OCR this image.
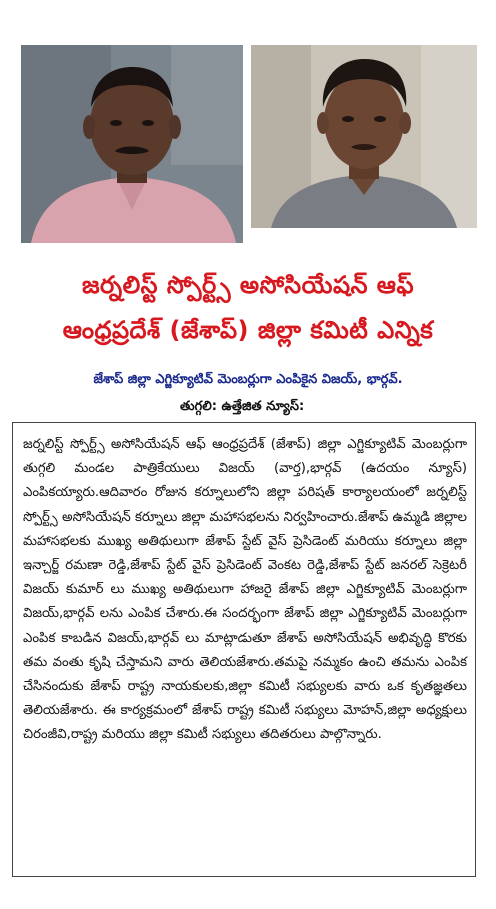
జర్నలిస్ట్ స్పోర్ట్స్ అసోసియేషన్ ఆఫ్
ఆంధ్రప్రదేశ్ (జేశాప్) జిల్లా కమిటీ ఎన్నిక
జేశాప్ జిల్లా ఎగ్జిక్యూటివ్ మెంబర్లుగా ఎంపికైన విజయ్, భార్గవ్.
తుగ్గలి: ఉత్తేజిత న్యూస్:

జర్నలిస్ట్ స్పోర్ట్స్ అసోసియేషన్ ఆఫ్ ఆంధ్రప్రదేశ్ (జేశాప్) జిల్లా ఎగ్జిక్యూటివ్ మెంబర్లుగా తుగ్గలి మండల పాత్రికేయులు విజయ్ (వార్త),భార్గవ్ (ఉదయం న్యూస్) ఎంపికయ్యారు.ఆదివారం రోజున కర్నూలులోని జిల్లా పరిషత్ కార్యాలయంలో జర్నలిస్ట్ స్పోర్ట్స్ అసోసియేషన్ కర్నూలు జిల్లా మహాసభలను నిర్వహించారు.జేశాప్ ఉమ్మడి జిల్లాల మహాసభలకు ముఖ్య అతిథులుగా జేశాప్ స్టేట్ వైస్ ప్రెసిడెంట్ మరియు కర్నూలు జిల్లా ఇన్చార్జ్ రమణా రెడ్డి,జేశాప్ స్టేట్ వైస్ ప్రెసిడెంట్ వెంకట రెడ్డి,జేశాప్ స్టేట్ జనరల్ సెక్రెటరీ విజయ్ కుమార్ లు ముఖ్య అతిథులుగా హాజరై జేశాప్ జిల్లా ఎగ్జిక్యూటివ్ మెంబర్లుగా విజయ్,భార్గవ్ లను ఎంపిక చేశారు.ఈ సందర్భంగా జేశాప్ జిల్లా ఎగ్జిక్యూటివ్ మెంబర్లుగా ఎంపిక కాబడిన విజయ్,భార్గవ్ లు మాట్లాడుతూ జేశాప్ అసోసియేషన్ అభివృద్ధి కొరకు తమ వంతు కృషి చేస్తామని వారు తెలియజేశారు.తమపై నమ్మకం ఉంచి తమను ఎంపిక చేసినందుకు జేశాప్ రాష్ట్ర నాయకులకు,జిల్లా కమిటీ సభ్యులకు వారు ఒక కృతజ్ఞతలు తెలియజేశారు. ఈ కార్యక్రమంలో జేశాప్ రాష్ట్ర కమిటీ సభ్యులు మోహన్,జిల్లా అధ్యక్షులు చిరంజీవి,రాష్ట్ర మరియు జిల్లా కమిటీ సభ్యులు తదితరులు పాల్గొన్నారు.
